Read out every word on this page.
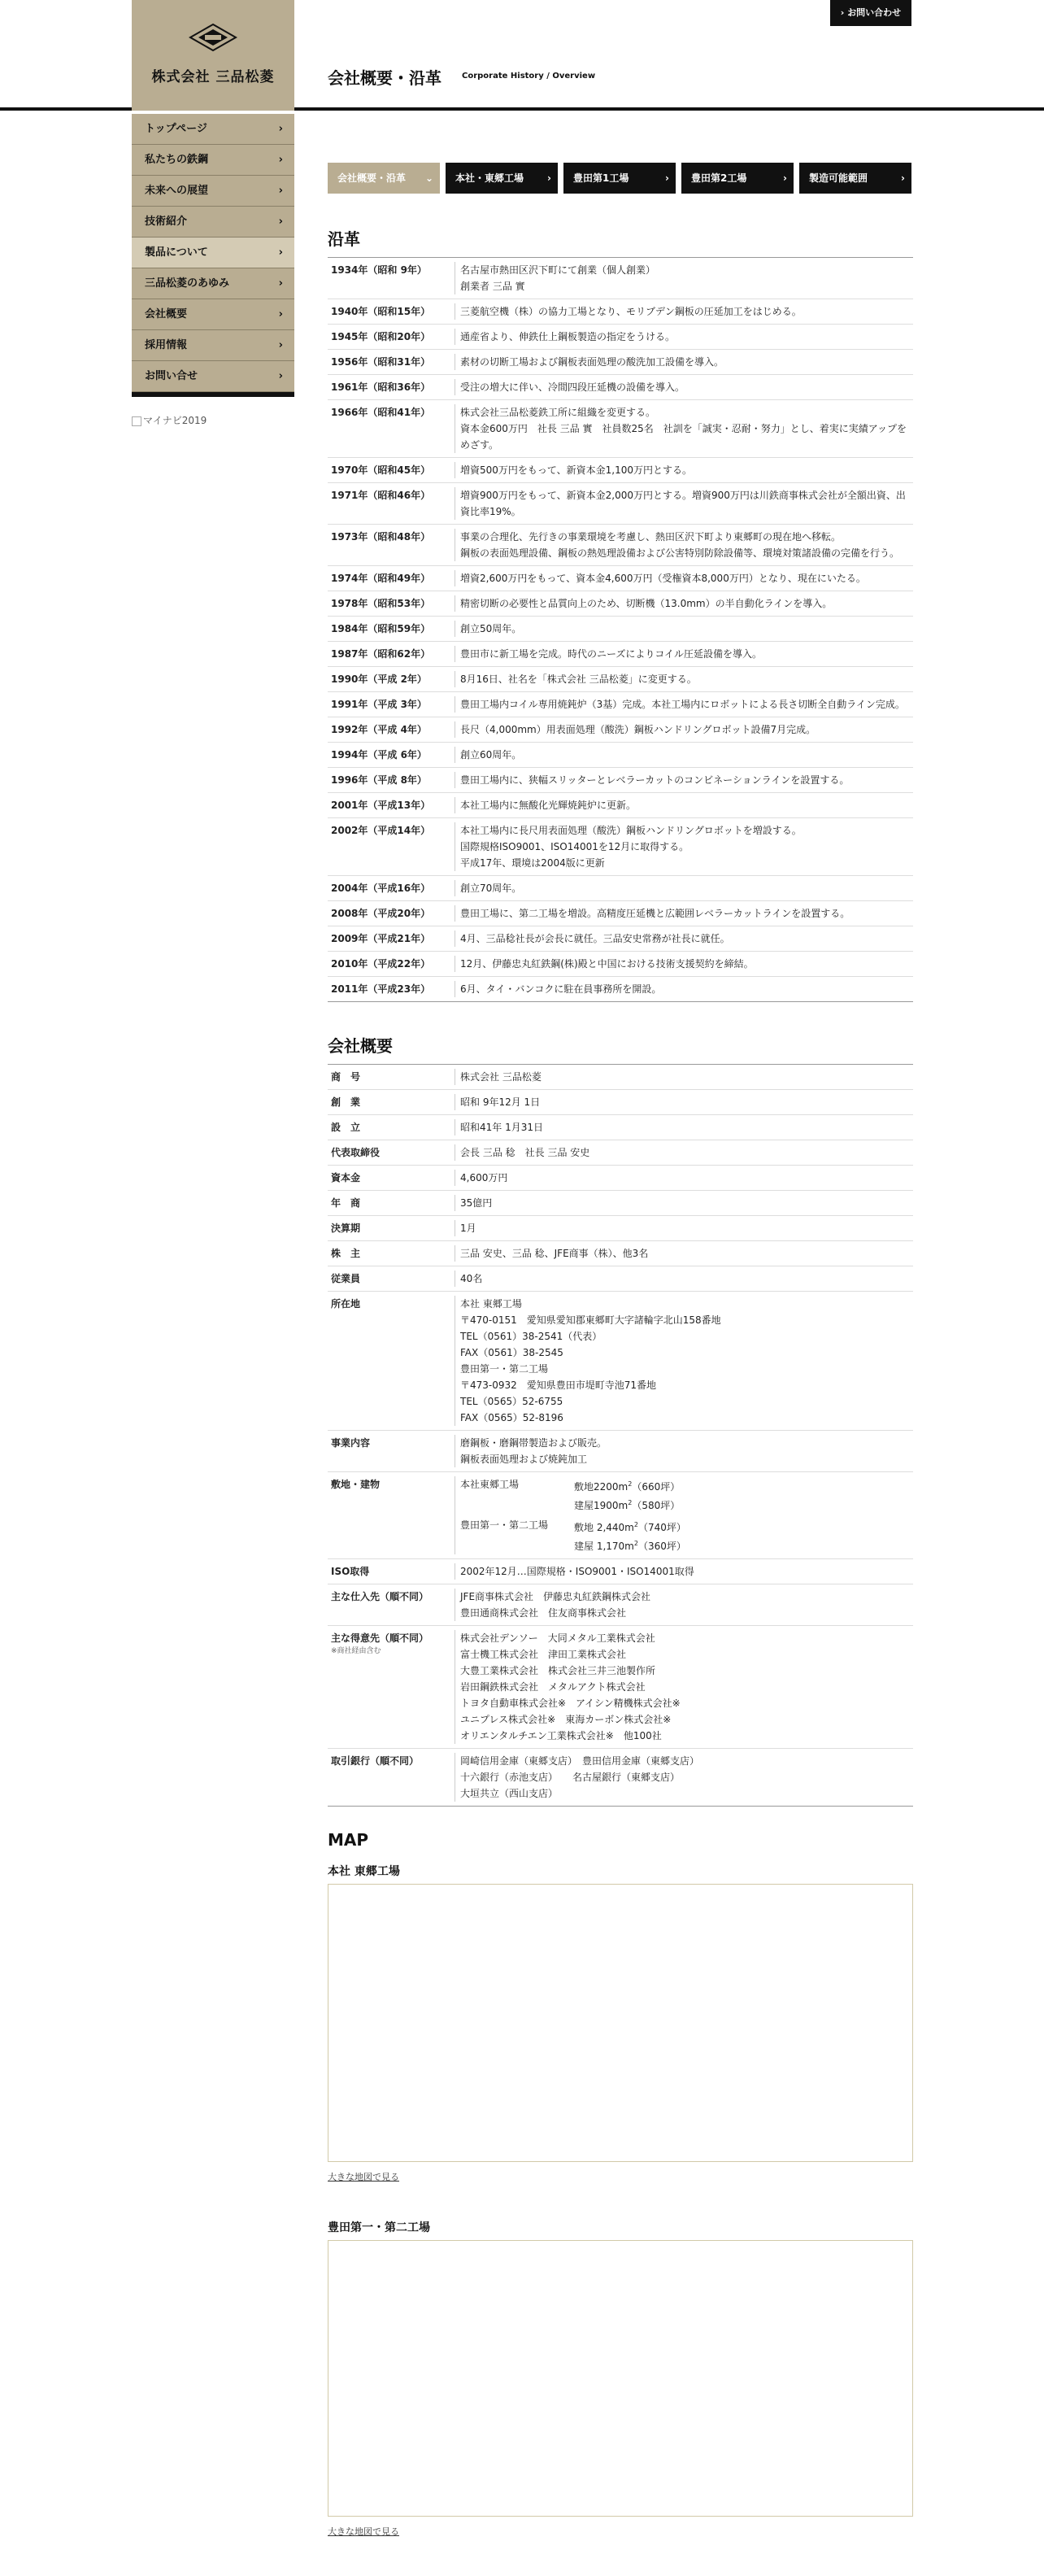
株式会社 三品松菱	会社概要・沿革	Corporate History / Overview
› お問い合わせ
トップページ	›
私たちの鉄鋼	›
未来への展望	›
技術紹介	›
製品について	›
三品松菱のあゆみ	›
会社概要	›
採用情報	›
お問い合せ	›
マイナビ2019
会社概要・沿革 ⌄	本社・東郷工場 ›	豊田第1工場	›	豊田第2工場	›	製造可能範囲	›
沿革
1934年（昭和 9年）	名古屋市熱田区沢下町にて創業（個人創業）
創業者 三品 實
1940年（昭和15年）	三菱航空機（株）の協力工場となり、モリブデン鋼板の圧延加工をはじめる。
1945年（昭和20年）	通産省より、伸鉄仕上鋼板製造の指定をうける。
1956年（昭和31年）	素材の切断工場および鋼板表面処理の酸洗加工設備を導入。
1961年（昭和36年）	受注の増大に伴い、冷間四段圧延機の設備を導入。
1966年（昭和41年）	株式会社三品松菱鉄工所に組織を変更する。
資本金600万円　社長 三品 實　社員数25名　社訓を「誠実・忍耐・努力」とし、着実に実績アップをめざす。
1970年（昭和45年）	増資500万円をもって、新資本金1,100万円とする。
1971年（昭和46年）	増資900万円をもって、新資本金2,000万円とする。増資900万円は川鉄商事株式会社が全額出資、出資比率19%。
1973年（昭和48年）	事業の合理化、先行きの事業環境を考慮し、熱田区沢下町より東郷町の現在地へ移転。
鋼板の表面処理設備、鋼板の熱処理設備および公害特別防除設備等、環境対策諸設備の完備を行う。
1974年（昭和49年）	増資2,600万円をもって、資本金4,600万円（受権資本8,000万円）となり、現在にいたる。
1978年（昭和53年）	精密切断の必要性と品質向上のため、切断機（13.0mm）の半自動化ラインを導入。
1984年（昭和59年）	創立50周年。
1987年（昭和62年）	豊田市に新工場を完成。時代のニーズによりコイル圧延設備を導入。
1990年（平成 2年）	8月16日、社名を「株式会社 三品松菱」に変更する。
1991年（平成 3年）	豊田工場内コイル専用焼鈍炉（3基）完成。本社工場内にロボットによる長さ切断全自動ライン完成。
1992年（平成 4年）	長尺（4,000mm）用表面処理（酸洗）鋼板ハンドリングロボット設備7月完成。
1994年（平成 6年）	創立60周年。
1996年（平成 8年）	豊田工場内に、狭幅スリッターとレベラーカットのコンビネーションラインを設置する。
2001年（平成13年）	本社工場内に無酸化光輝焼鈍炉に更新。
2002年（平成14年）	本社工場内に長尺用表面処理（酸洗）鋼板ハンドリングロボットを増設する。
国際規格ISO9001、ISO14001を12月に取得する。
平成17年、環境は2004版に更新
2004年（平成16年）	創立70周年。
2008年（平成20年）	豊田工場に、第二工場を増設。高精度圧延機と広範囲レベラーカットラインを設置する。
2009年（平成21年）	4月、三品稔社長が会長に就任。三品安史常務が社長に就任。
2010年（平成22年）	12月、伊藤忠丸紅鉄鋼(株)殿と中国における技術支援契約を締結。
2011年（平成23年）	6月、タイ・バンコクに駐在員事務所を開設。
会社概要
商　号	株式会社 三品松菱
創　業	昭和 9年12月 1日
設　立	昭和41年 1月31日
代表取締役	会長 三品 稔　社長 三品 安史
資本金	4,600万円
年　商	35億円
決算期	1月
株　主	三品 安史、三品 稔、JFE商事（株）、他3名
従業員	40名
所在地	本社 東郷工場
〒470-0151　愛知県愛知郡東郷町大字諸輪字北山158番地
TEL（0561）38-2541（代表）
FAX（0561）38-2545
豊田第一・第二工場
〒473-0932　愛知県豊田市堤町寺池71番地
TEL（0565）52-6755
FAX（0565）52-8196
事業内容	磨鋼板・磨鋼帯製造および販売。
鋼板表面処理および焼鈍加工
敷地・建物	本社東郷工場	敷地$2200m^2(660$坪）
建屋$1900m^2(580$坪）
豊田第一・第二工場	敷地 $2,440m^2(740$坪）
建屋 $1,170m^2(360$坪）
ISO取得	2002年12月…国際規格・ISO9001・ISO14001取得
主な仕入先（順不同）	JFE商事株式会社　伊藤忠丸紅鉄鋼株式会社
豊田通商株式会社　住友商事株式会社
主な得意先（順不同）
※商社経由含む
株式会社デンソー　大同メタル工業株式会社
富士機工株式会社　津田工業株式会社
大豊工業株式会社　株式会社三井三池製作所
岩田鋼鉄株式会社　メタルアクト株式会社
トヨタ自動車株式会社※　アイシン精機株式会社※
ユニプレス株式会社※　東海カーボン株式会社※
オリエンタルチエン工業株式会社※　他100社
取引銀行（順不同）	岡崎信用金庫（東郷支店）　豊田信用金庫（東郷支店）
十六銀行（赤池支店）　　名古屋銀行（東郷支店）
大垣共立（西山支店）
MAP
本社 東郷工場
大きな地図で見る
豊田第一・第二工場
大きな地図で見る
